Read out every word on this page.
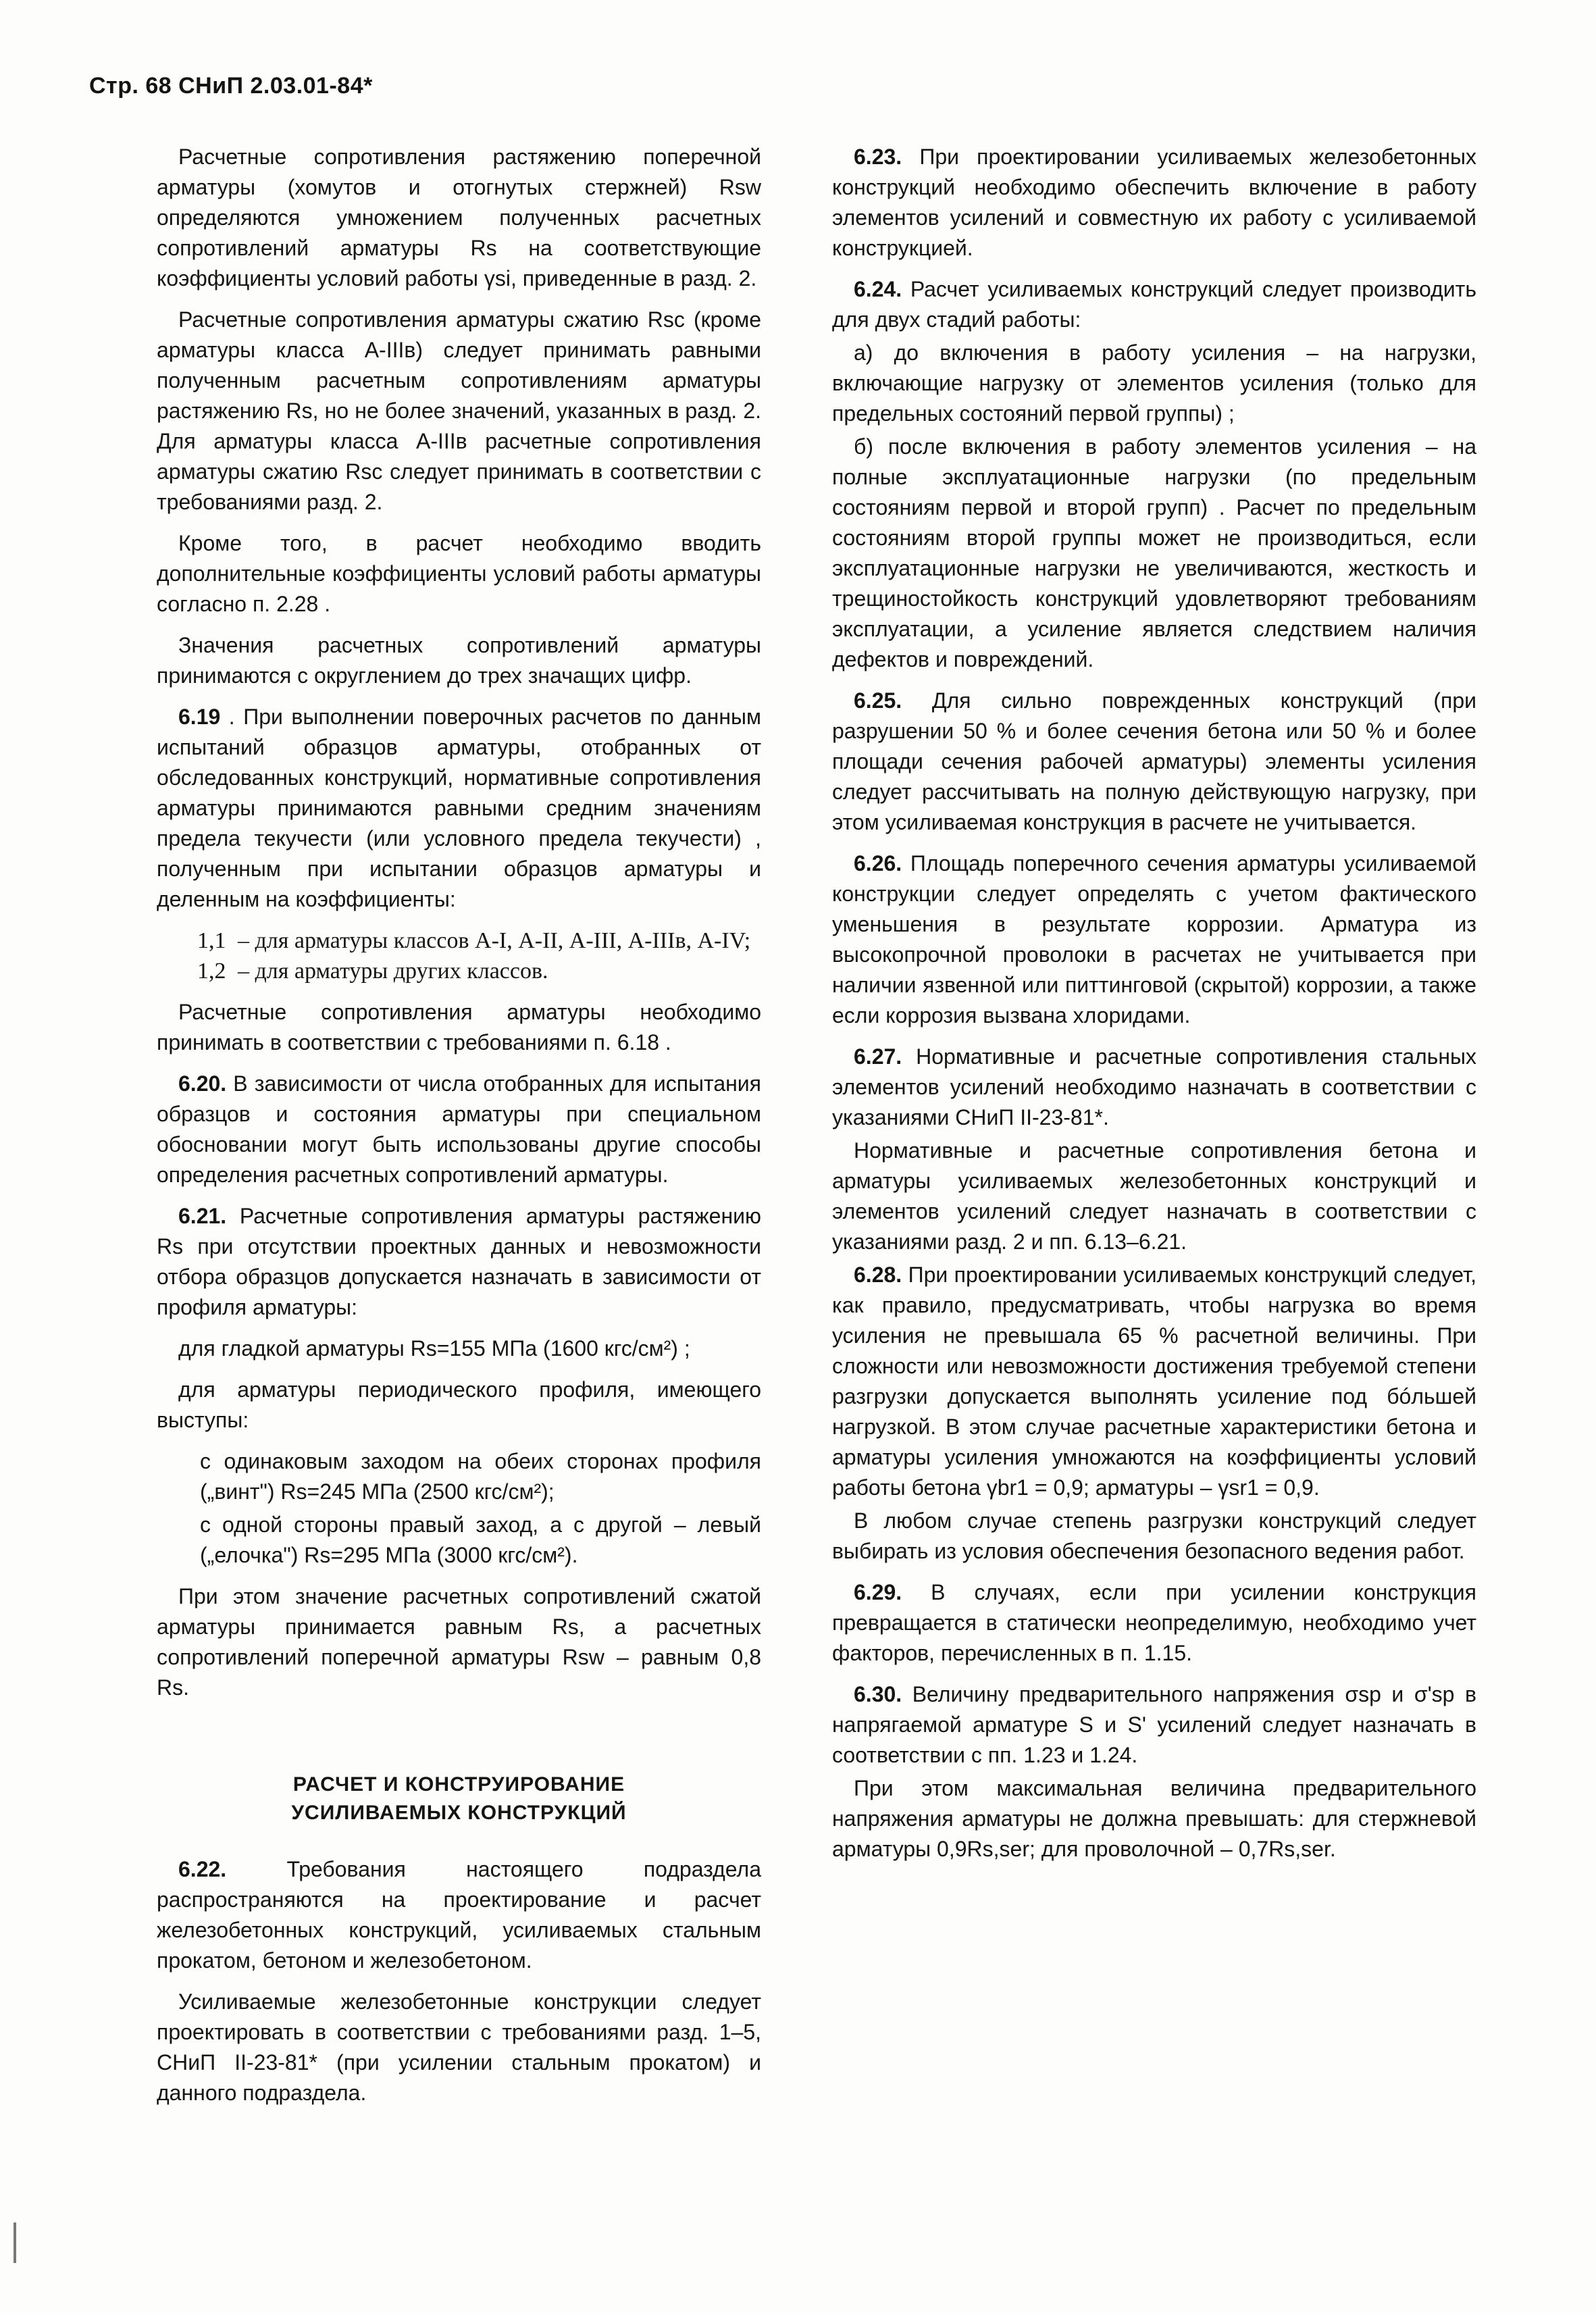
Стр. 68 СНиП 2.03.01-84*

Расчетные сопротивления растяжению поперечной арматуры (хомутов и отогнутых стержней) Rsw определяются умножением полученных расчетных сопротивлений арматуры Rs на соответствующие коэффициенты условий работы γsi, приведенные в разд. 2.

Расчетные сопротивления арматуры сжатию Rsc (кроме арматуры класса А-IIIв) следует принимать равными полученным расчетным сопротивлениям арматуры растяжению Rs, но не более значений, указанных в разд. 2. Для арматуры класса А-IIIв расчетные сопротивления арматуры сжатию Rsc следует принимать в соответствии с требованиями разд. 2.

Кроме того, в расчет необходимо вводить дополнительные коэффициенты условий работы арматуры согласно п. 2.28 .

Значения расчетных сопротивлений арматуры принимаются с округлением до трех значащих цифр.

6.19 . При выполнении поверочных расчетов по данным испытаний образцов арматуры, отобранных от обследованных конструкций, нормативные сопротивления арматуры принимаются равными средним значениям предела текучести (или условного предела текучести) , полученным при испытании образцов арматуры и деленным на коэффициенты:

1,1 – для арматуры классов А-I, А-II, А-III, А-IIIв, А-IV;
1,2 – для арматуры других классов.

Расчетные сопротивления арматуры необходимо принимать в соответствии с требованиями п. 6.18 .

6.20. В зависимости от числа отобранных для испытания образцов и состояния арматуры при специальном обосновании могут быть использованы другие способы определения расчетных сопротивлений арматуры.

6.21. Расчетные сопротивления арматуры растяжению Rs при отсутствии проектных данных и невозможности отбора образцов допускается назначать в зависимости от профиля арматуры:

для гладкой арматуры Rs=155 МПа (1600 кгс/см²) ;

для арматуры периодического профиля, имеющего выступы:

с одинаковым заходом на обеих сторонах профиля („винт") Rs=245 МПа (2500 кгс/см²);

с одной стороны правый заход, а с другой – левый („елочка") Rs=295 МПа (3000 кгс/см²).

При этом значение расчетных сопротивлений сжатой арматуры принимается равным Rs, а расчетных сопротивлений поперечной арматуры Rsw – равным 0,8 Rs.

РАСЧЕТ И КОНСТРУИРОВАНИЕ
УСИЛИВАЕМЫХ КОНСТРУКЦИЙ

6.22. Требования настоящего подраздела распространяются на проектирование и расчет железобетонных конструкций, усиливаемых стальным прокатом, бетоном и железобетоном.

Усиливаемые железобетонные конструкции следует проектировать в соответствии с требованиями разд. 1–5, СНиП II-23-81* (при усилении стальным прокатом) и данного подраздела.

6.23. При проектировании усиливаемых железобетонных конструкций необходимо обеспечить включение в работу элементов усилений и совместную их работу с усиливаемой конструкцией.

6.24. Расчет усиливаемых конструкций следует производить для двух стадий работы:

а) до включения в работу усиления – на нагрузки, включающие нагрузку от элементов усиления (только для предельных состояний первой группы) ;

б) после включения в работу элементов усиления – на полные эксплуатационные нагрузки (по предельным состояниям первой и второй групп) . Расчет по предельным состояниям второй группы может не производиться, если эксплуатационные нагрузки не увеличиваются, жесткость и трещиностойкость конструкций удовлетворяют требованиям эксплуатации, а усиление является следствием наличия дефектов и повреждений.

6.25. Для сильно поврежденных конструкций (при разрушении 50 % и более сечения бетона или 50 % и более площади сечения рабочей арматуры) элементы усиления следует рассчитывать на полную действующую нагрузку, при этом усиливаемая конструкция в расчете не учитывается.

6.26. Площадь поперечного сечения арматуры усиливаемой конструкции следует определять с учетом фактического уменьшения в результате коррозии. Арматура из высокопрочной проволоки в расчетах не учитывается при наличии язвенной или питтинговой (скрытой) коррозии, а также если коррозия вызвана хлоридами.

6.27. Нормативные и расчетные сопротивления стальных элементов усилений необходимо назначать в соответствии с указаниями СНиП II-23-81*.

Нормативные и расчетные сопротивления бетона и арматуры усиливаемых железобетонных конструкций и элементов усилений следует назначать в соответствии с указаниями разд. 2 и пп. 6.13–6.21.

6.28. При проектировании усиливаемых конструкций следует, как правило, предусматривать, чтобы нагрузка во время усиления не превышала 65 % расчетной величины. При сложности или невозможности достижения требуемой степени разгрузки допускается выполнять усиление под бóльшей нагрузкой. В этом случае расчетные характеристики бетона и арматуры усиления умножаются на коэффициенты условий работы бетона γbr1 = 0,9; арматуры – γsr1 = 0,9.

В любом случае степень разгрузки конструкций следует выбирать из условия обеспечения безопасного ведения работ.

6.29. В случаях, если при усилении конструкция превращается в статически неопределимую, необходимо учет факторов, перечисленных в п. 1.15.

6.30. Величину предварительного напряжения σsp и σ'sp в напрягаемой арматуре S и S' усилений следует назначать в соответствии с пп. 1.23 и 1.24.

При этом максимальная величина предварительного напряжения арматуры не должна превышать: для стержневой арматуры 0,9Rs,ser; для проволочной – 0,7Rs,ser.
